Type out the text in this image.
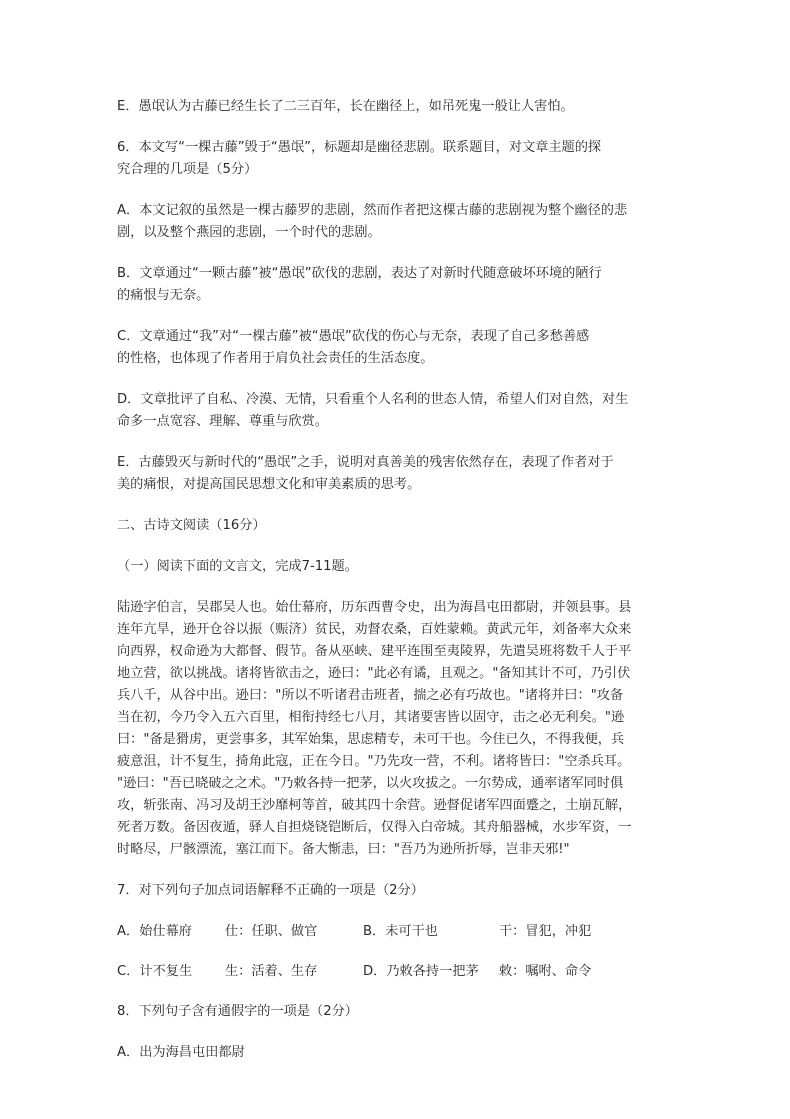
E．愚氓认为古藤已经生长了二三百年，长在幽径上，如吊死鬼一般让人害怕。

6．本文写“一棵古藤”毁于“愚氓”，标题却是幽径悲剧。联系题目，对文章主题的探
究合理的几项是（5分）

A．本文记叙的虽然是一棵古藤罗的悲剧，然而作者把这棵古藤的悲剧视为整个幽径的悲
剧，以及整个燕园的悲剧，一个时代的悲剧。

B．文章通过“一颗古藤”被“愚氓”砍伐的悲剧，表达了对新时代随意破坏环境的陋行
的痛恨与无奈。

C．文章通过“我”对“一棵古藤”被“愚氓”砍伐的伤心与无奈，表现了自己多愁善感
的性格，也体现了作者用于肩负社会责任的生活态度。

D．文章批评了自私、冷漠、无情，只看重个人名利的世态人情，希望人们对自然，对生
命多一点宽容、理解、尊重与欣赏。

E．古藤毁灭与新时代的“愚氓”之手，说明对真善美的残害依然存在，表现了作者对于
美的痛恨，对提高国民思想文化和审美素质的思考。

二、古诗文阅读（16分）

（一）阅读下面的文言文，完成7-11题。

陆逊字伯言，吴郡吴人也。始仕幕府，历东西曹令史，出为海昌屯田都尉，并领县事。县
连年亢旱，逊开仓谷以振（赈济）贫民，劝督农桑，百姓蒙赖。黄武元年，刘备率大众来
向西界，权命逊为大都督、假节。备从巫峡、建平连围至夷陵界，先遣吴班将数千人于平
地立营，欲以挑战。诸将皆欲击之，逊曰："此必有谲，且观之。"备知其计不可，乃引伏
兵八千，从谷中出。逊曰："所以不听诸君击班者，揣之必有巧故也。"诸将并曰："攻备
当在初，今乃令入五六百里，相衔持经七八月，其诸要害皆以固守，击之必无利矣。"逊
曰："备是猾虏，更尝事多，其军始集，思虑精专，未可干也。今住已久，不得我便，兵
疲意沮，计不复生，掎角此寇，正在今日。"乃先攻一营，不利。诸将皆曰："空杀兵耳。
"逊曰："吾已晓破之之术。"乃敕各持一把茅，以火攻拔之。一尔势成，通率诸军同时俱
攻，斩张南、冯习及胡王沙靡柯等首，破其四十余营。逊督促诸军四面蹙之，土崩瓦解，
死者万数。备因夜遁，驿人自担烧铙铠断后，仅得入白帝城。其舟船器械，水步军资，一
时略尽，尸骸漂流，塞江而下。备大惭恚，曰："吾乃为逊所折辱，岂非天邪!"

7．对下列句子加点词语解释不正确的一项是（2分）

A．始仕幕府	仕：任职、做官	B．未可干也	干：冒犯，冲犯
C．计不复生	生：活着、生存	D．乃敕各持一把茅	敕：嘱咐、命令

8．下列句子含有通假字的一项是（2分）

A．出为海昌屯田都尉
